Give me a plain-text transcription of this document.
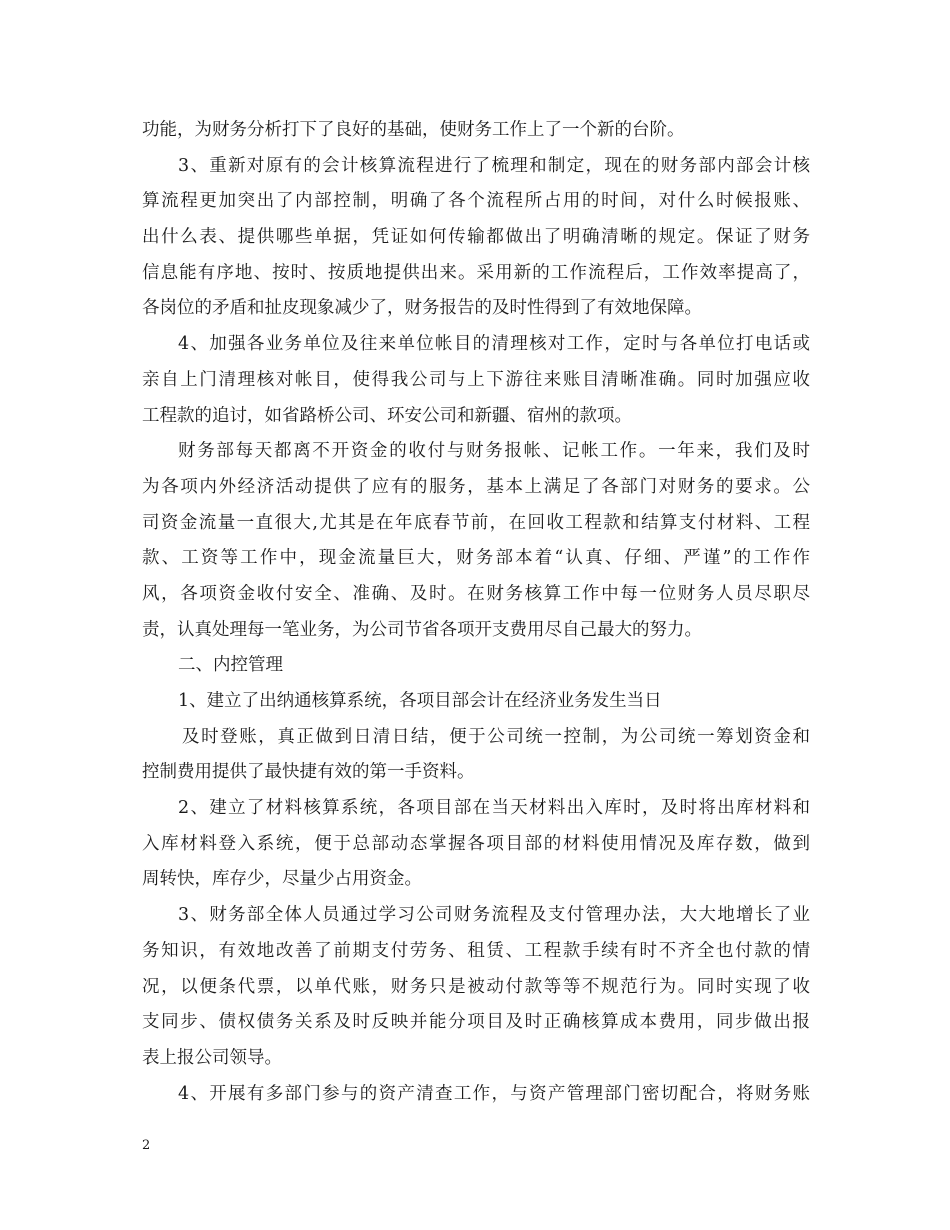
功能，为财务分析打下了良好的基础，使财务工作上了一个新的台阶。
3、重新对原有的会计核算流程进行了梳理和制定，现在的财务部内部会计核
算流程更加突出了内部控制，明确了各个流程所占用的时间，对什么时候报账、
出什么表、提供哪些单据，凭证如何传输都做出了明确清晰的规定。保证了财务
信息能有序地、按时、按质地提供出来。采用新的工作流程后，工作效率提高了，
各岗位的矛盾和扯皮现象减少了，财务报告的及时性得到了有效地保障。
4、加强各业务单位及往来单位帐目的清理核对工作，定时与各单位打电话或
亲自上门清理核对帐目，使得我公司与上下游往来账目清晰准确。同时加强应收
工程款的追讨，如省路桥公司、环安公司和新疆、宿州的款项。
财务部每天都离不开资金的收付与财务报帐、记帐工作。一年来，我们及时
为各项内外经济活动提供了应有的服务，基本上满足了各部门对财务的要求。公
司资金流量一直很大,尤其是在年底春节前，在回收工程款和结算支付材料、工程
款、工资等工作中，现金流量巨大，财务部本着“认真、仔细、严谨”的工作作
风，各项资金收付安全、准确、及时。在财务核算工作中每一位财务人员尽职尽
责，认真处理每一笔业务，为公司节省各项开支费用尽自己最大的努力。
二、内控管理
1、建立了出纳通核算系统，各项目部会计在经济业务发生当日
及时登账，真正做到日清日结，便于公司统一控制，为公司统一筹划资金和
控制费用提供了最快捷有效的第一手资料。
2、建立了材料核算系统，各项目部在当天材料出入库时，及时将出库材料和
入库材料登入系统，便于总部动态掌握各项目部的材料使用情况及库存数，做到
周转快，库存少，尽量少占用资金。
3、财务部全体人员通过学习公司财务流程及支付管理办法，大大地增长了业
务知识，有效地改善了前期支付劳务、租赁、工程款手续有时不齐全也付款的情
况，以便条代票，以单代账，财务只是被动付款等等不规范行为。同时实现了收
支同步、债权债务关系及时反映并能分项目及时正确核算成本费用，同步做出报
表上报公司领导。
4、开展有多部门参与的资产清查工作，与资产管理部门密切配合，将财务账
2
